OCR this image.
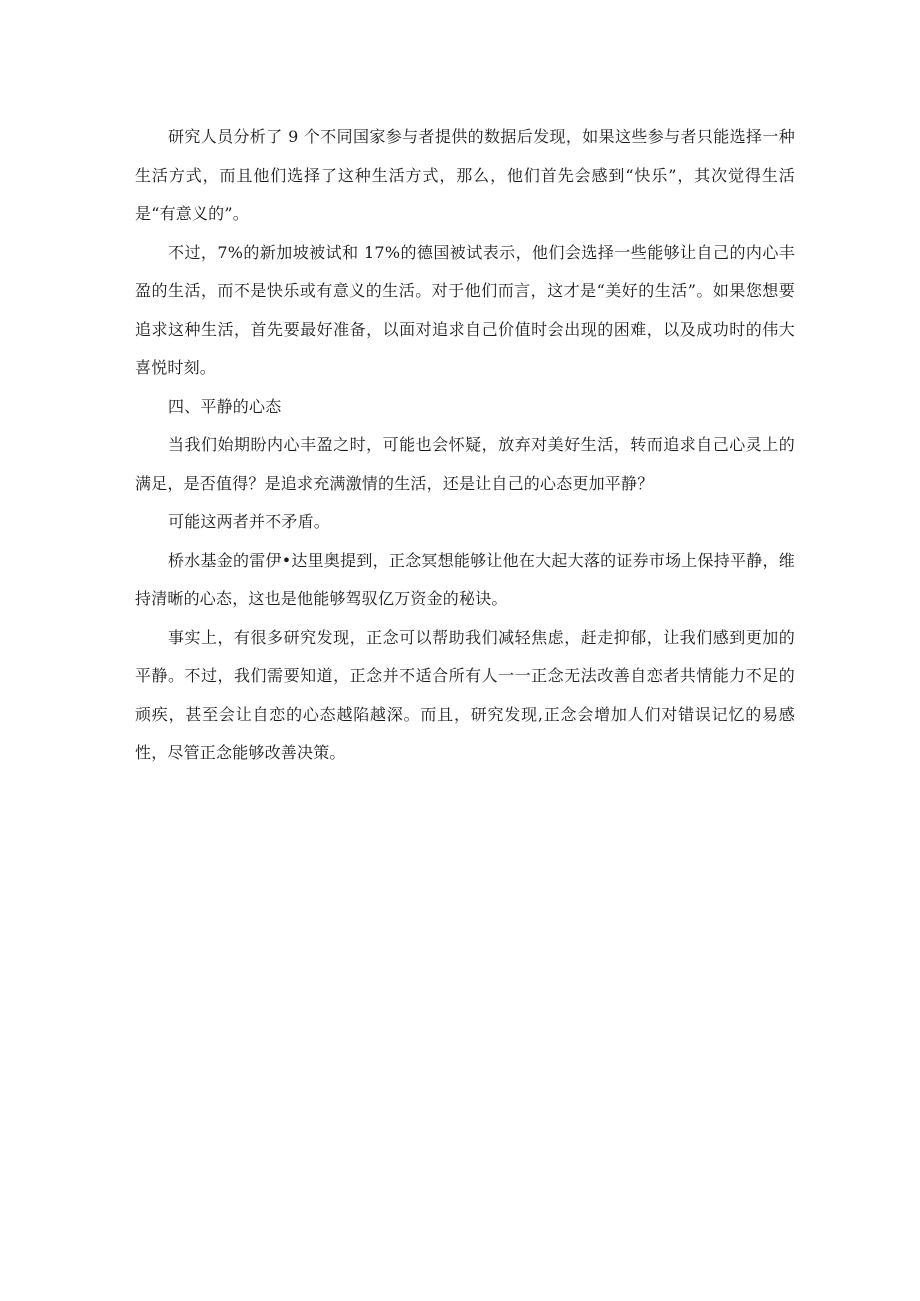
研究人员分析了 9 个不同国家参与者提供的数据后发现，如果这些参与者只能选择一种生活方式，而且他们选择了这种生活方式，那么，他们首先会感到“快乐”，其次觉得生活是“有意义的”。

不过，7%的新加坡被试和 17%的德国被试表示，他们会选择一些能够让自己的内心丰盈的生活，而不是快乐或有意义的生活。对于他们而言，这才是“美好的生活”。如果您想要追求这种生活，首先要最好准备，以面对追求自己价值时会出现的困难，以及成功时的伟大喜悦时刻。

四、平静的心态

当我们始期盼内心丰盈之时，可能也会怀疑，放弃对美好生活，转而追求自己心灵上的满足，是否值得？是追求充满激情的生活，还是让自己的心态更加平静？

可能这两者并不矛盾。

桥水基金的雷伊•达里奥提到，正念冥想能够让他在大起大落的证券市场上保持平静，维持清晰的心态，这也是他能够驾驭亿万资金的秘诀。

事实上，有很多研究发现，正念可以帮助我们减轻焦虑，赶走抑郁，让我们感到更加的平静。不过，我们需要知道，正念并不适合所有人一一正念无法改善自恋者共情能力不足的顽疾，甚至会让自恋的心态越陷越深。而且，研究发现,正念会增加人们对错误记忆的易感性，尽管正念能够改善决策。
